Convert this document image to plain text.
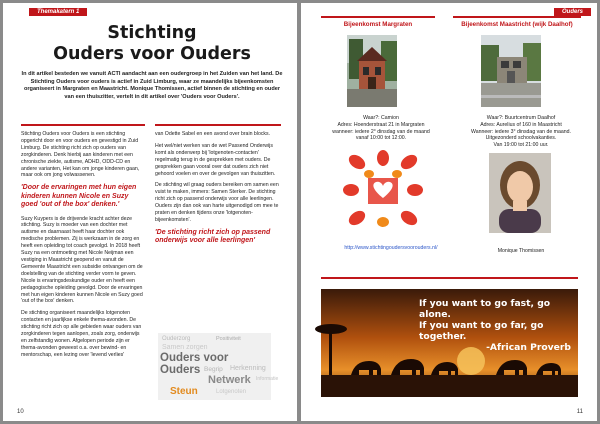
Themakatern 1
Stichting
Ouders voor Ouders
In dit artikel besteden we vanuit ACTI aandacht aan een oudergroep in het Zuiden van het land. De Stichting Ouders voor ouders is actief in Zuid Limburg, waar ze maandelijks bijeenkomsten organiseert in Margraten en Maastricht. Monique Thomissen, actief binnen de stichting en ouder van een thuiszitter, vertelt in dit artikel over 'Ouders voor Ouders'.

Stichting Ouders voor Ouders is een stichting opgericht door en voor ouders en gevestigd in Zuid Limburg. De stichting richt zich op ouders van zorgkinderen. Denk hierbij aan kinderen met een chronische ziekte, autisme, ADHD, ODD-CD en andere varianten, Het kan om jonge kinderen gaan, maar ook om jong volwassenen.

'Door de ervaringen met hun eigen kinderen kunnen Nicole en Suzy goed 'out of the box' denken.'

Suzy Kuypers is de drijvende kracht achter deze stichting. Suzy is moeder van een dochter met autisme en daarnaast heeft haar dochter ook medische problemen. Zij is werkzaam in de zorg en heeft een opleiding tot coach gevolgd. In 2018 heeft Suzy na een ontmoeting met Nicole Neijman een vestiging in Maastricht geopend en vanuit de Gemeente Maastricht een subsidie ontvangen om de doelstelling van de stichting verder vorm te geven. Nicole is ervaringsdeskundige ouder en heeft een pedagogische opleiding gevolgd. Door de ervaringen met hun eigen kinderen kunnen Nicole en Suzy goed 'out of the box' denken.

De stichting organiseert maandelijks lotgenoten contacten en jaarlijkse enkele thema-avonden. De stichting richt zich op alle gebieden waar ouders van zorgkinderen tegen aanlopen, zoals zorg, onderwijs en zelfstandig wonen. Afgelopen periode zijn er thema-avonden geweest o.a. over bewind- en mentorschap, een lezing over 'levend verlies'

van Odette Sabel en een avond over brain blocks.

Het wel/niet werken van de wet Passend Onderwijs komt als onderwerp bij 'lotgenoten-contacten' regelmatig terug in de gesprekken met ouders. De gesprekken gaan vooral over dat ouders zich niet gehoord voelen en over de gevolgen van thuiszitten.

De stichting wil graag ouders bereiken om samen een vuist te maken, immers: Samen Sterker. De stichting richt zich op passend onderwijs voor alle leerlingen. Ouders zijn dan ook van harte uitgenodigd om mee te praten en denken tijdens onze 'lotgenoten-bijeenkomsten'.

'De stichting richt zich op passend onderwijs voor alle leerlingen'
Ouderzorg	Positiviteit
Samen zorgen
Ouders voor
Ouders Begrip Herkenning
Netwerk Informatie
Steun	Lotgenoten
10
Ouders
Bijeenkomst Margraten	Bijeenkomst Maastricht (wijk Daalhof)
Waar?: Camion
Adres: Hoenderstraat 21 in Margraten
wanneer: iedere 2° dinsdag van de maand
vanaf 10:00 tot 12:00.
Waar?: Buurtcentrum Daalhof
Adres: Aurelius of 160 in Maastricht
Wanneer: iedere 3° dinsdag van de maand.
Uitgezonderd schoolvakanties.
Van 19:00 tot 21:00 uur.
http://www.stichtingoudersvoorouders.nl/	Monique Thomissen
If you want to go fast, go alone.
If you want to go far, go together.
-African Proverb
11
